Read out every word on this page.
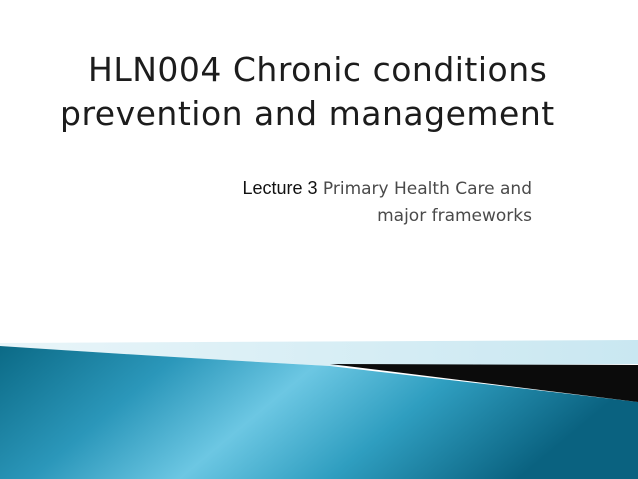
HLN004 Chronic conditions
prevention and management
Lecture 3 Primary Health Care and
major frameworks
